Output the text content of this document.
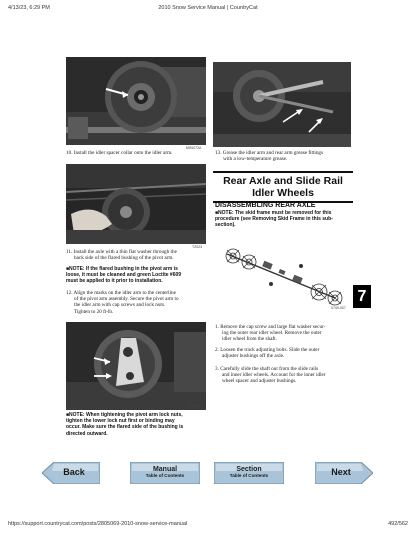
4/13/23, 6:29 PM	2010 Snow Service Manual | CountryCat
MS0072A
10. Install the idler spacer collar onto the idler arm.
TZ023
11. Install the axle with a thin flat washer through the
back side of the flared bushing of the pivot arm.
■NOTE: If the flared bushing in the pivot arm is
loose, it must be cleaned and green Loctite #609
must be applied to it prior to installation.
12. Align the marks on the idler arm to the centerline
of the pivot arm assembly. Secure the pivot arm to
the idler arm with cap screws and lock nuts.
Tighten to 20 ft-lb.
TZ004B
■NOTE: When tightening the pivot arm lock nuts,
tighten the lower lock nut first or binding may
occur. Make sure the flared side of the bushing is
directed outward.
TZ004C
13. Grease the idler arm and rear arm grease fittings
with a low-temperature grease.
Rear Axle and Slide Rail
Idler Wheels
DISASSEMBLING REAR AXLE
■NOTE: The skid frame must be removed for this
procedure (see Removing Skid Frame in this sub-
section).
0740-007
7
1. Remove the cap screw and large flat washer secur-
ing the outer rear idler wheel. Remove the outer
idler wheel from the shaft.
2. Loosen the track adjusting bolts. Slide the outer
adjuster bushings off the axle.
3. Carefully slide the shaft out from the slide rails
and inner idler wheels. Account for the inner idler
wheel spacer and adjuster bushings.
Back	Manual
Table of Contents
Section
Table of Contents	Next
https://support.countrycat.com/posts/2805069-2010-snow-service-manual	492/562
